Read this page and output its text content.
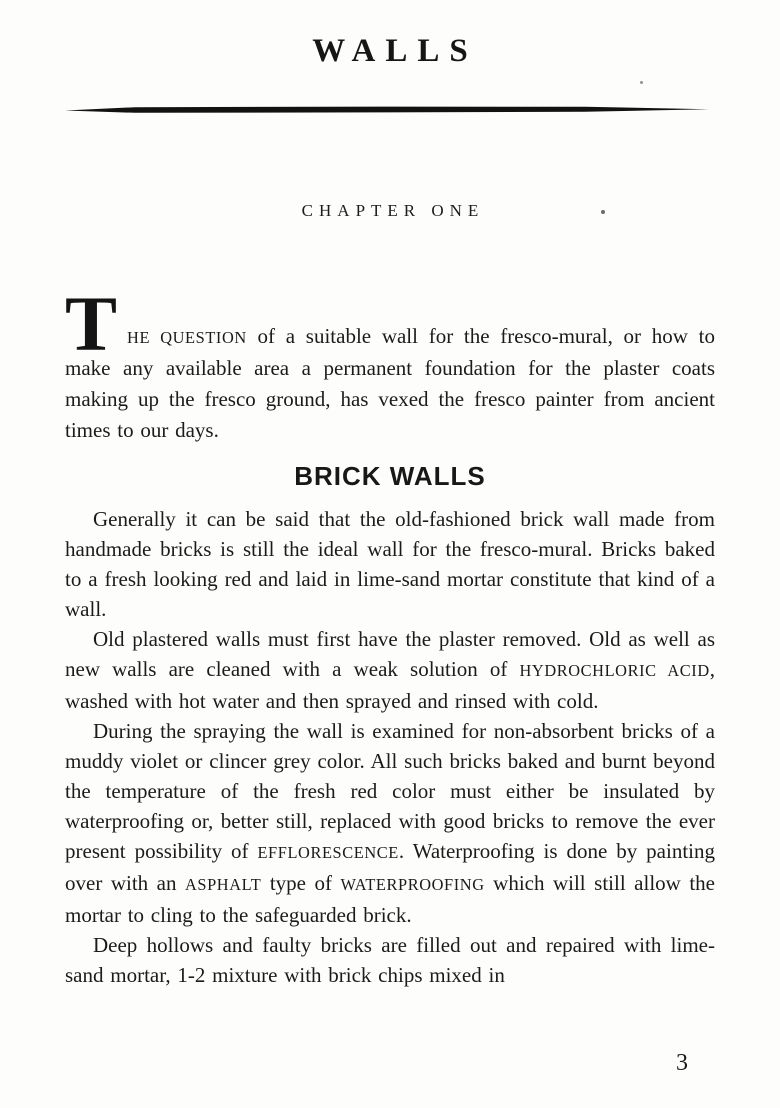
WALLS
CHAPTER ONE

THE QUESTION of a suitable wall for the fresco-mural, or how to make any available area a permanent foundation for the plaster coats making up the fresco ground, has vexed the fresco painter from ancient times to our days.

BRICK WALLS

Generally it can be said that the old-fashioned brick wall made from handmade bricks is still the ideal wall for the fresco-mural. Bricks baked to a fresh looking red and laid in lime-sand mortar constitute that kind of a wall.

Old plastered walls must first have the plaster removed. Old as well as new walls are cleaned with a weak solution of HYDROCHLORIC ACID, washed with hot water and then sprayed and rinsed with cold.

During the spraying the wall is examined for non-absorbent bricks of a muddy violet or clincer grey color. All such bricks baked and burnt beyond the temperature of the fresh red color must either be insulated by waterproofing or, better still, replaced with good bricks to remove the ever present possibility of EFFLORESCENCE. Waterproofing is done by painting over with an ASPHALT type of WATERPROOFING which will still allow the mortar to cling to the safeguarded brick.

Deep hollows and faulty bricks are filled out and repaired with lime-sand mortar, 1-2 mixture with brick chips mixed in

3
